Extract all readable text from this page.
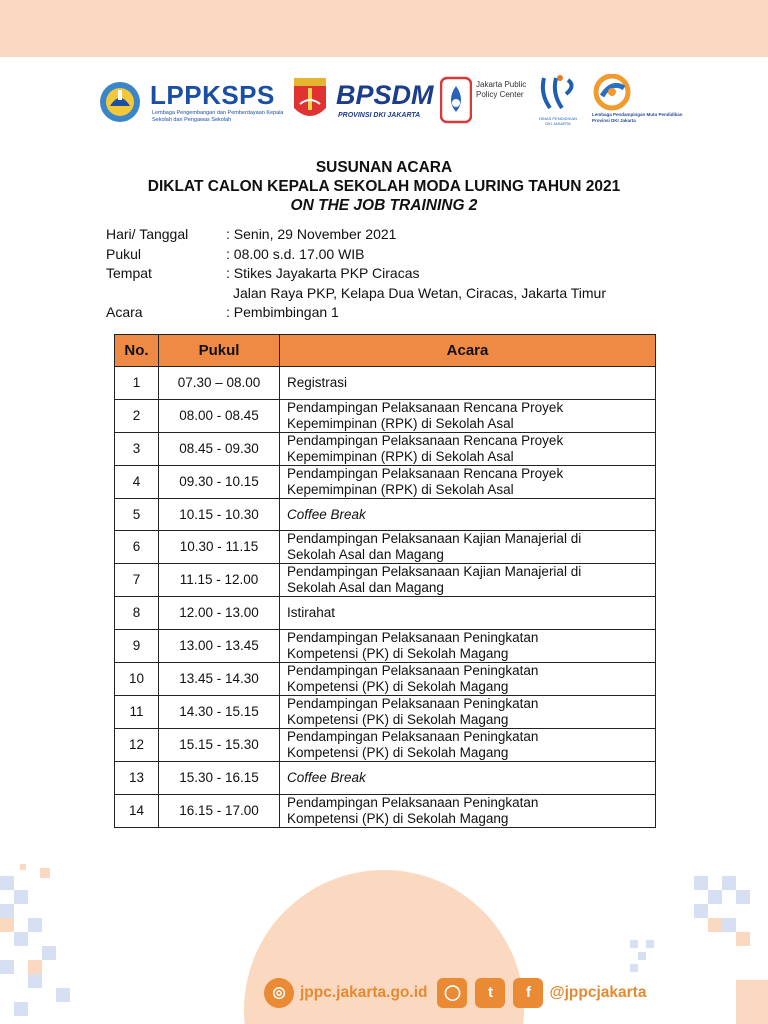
LPPKSPS
Lembaga Pengembangan dan Pemberdayaan Kepala Sekolah dan Pengawas Sekolah
BPSDM
PROVINSI DKI JAKARTA
Jakarta Public Policy Center
DINAS PENDIDIKAN DKI JAKARTA
Lembaga Pendampingan Mutu Pendidikan Provinsi DKI Jakarta
SUSUNAN ACARA
DIKLAT CALON KEPALA SEKOLAH MODA LURING TAHUN 2021
ON THE JOB TRAINING 2
Hari/ Tanggal	: Senin, 29 November 2021
Pukul	: 08.00 s.d. 17.00 WIB
Tempat	: Stikes Jayakarta PKP Ciracas
Jalan Raya PKP, Kelapa Dua Wetan, Ciracas, Jakarta Timur
Acara	: Pembimbingan 1
No.	Pukul	Acara
1	07.30 – 08.00	Registrasi

2	08.00 - 08.45	Pendampingan Pelaksanaan Rencana Proyek
Kepemimpinan (RPK) di Sekolah Asal

3	08.45 - 09.30	Pendampingan Pelaksanaan Rencana Proyek
Kepemimpinan (RPK) di Sekolah Asal

4	09.30 - 10.15	Pendampingan Pelaksanaan Rencana Proyek
Kepemimpinan (RPK) di Sekolah Asal

5	10.15 - 10.30	Coffee Break

6	10.30 - 11.15	Pendampingan Pelaksanaan Kajian Manajerial di
Sekolah Asal dan Magang

7	11.15 - 12.00	Pendampingan Pelaksanaan Kajian Manajerial di
Sekolah Asal dan Magang

8	12.00 - 13.00	Istirahat

9	13.00 - 13.45	Pendampingan Pelaksanaan Peningkatan
Kompetensi (PK) di Sekolah Magang

10	13.45 - 14.30	Pendampingan Pelaksanaan Peningkatan
Kompetensi (PK) di Sekolah Magang

11	14.30 - 15.15	Pendampingan Pelaksanaan Peningkatan
Kompetensi (PK) di Sekolah Magang

12	15.15 - 15.30	Pendampingan Pelaksanaan Peningkatan
Kompetensi (PK) di Sekolah Magang

13	15.30 - 16.15	Coffee Break

14	16.15 - 17.00	Pendampingan Pelaksanaan Peningkatan
Kompetensi (PK) di Sekolah Magang
◎ jppc.jakarta.go.id	◯	t	f	@jppcjakarta
